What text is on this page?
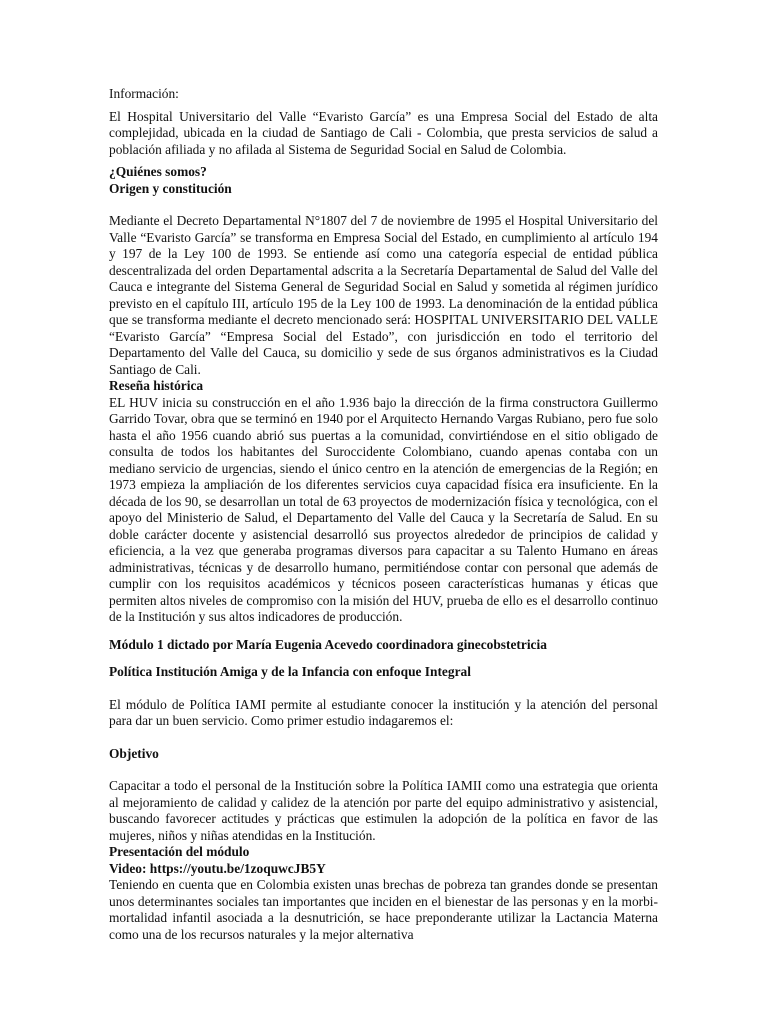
Información:

El Hospital Universitario del Valle “Evaristo García” es una Empresa Social del Estado de alta complejidad, ubicada en la ciudad de Santiago de Cali - Colombia, que presta servicios de salud a población afiliada y no afilada al Sistema de Seguridad Social en Salud de Colombia.

¿Quiénes somos?

Origen y constitución

Mediante el Decreto Departamental N°1807 del 7 de noviembre de 1995 el Hospital Universitario del Valle “Evaristo García” se transforma en Empresa Social del Estado, en cumplimiento al artículo 194 y 197 de la Ley 100 de 1993. Se entiende así como una categoría especial de entidad pública descentralizada del orden Departamental adscrita a la Secretaría Departamental de Salud del Valle del Cauca e integrante del Sistema General de Seguridad Social en Salud y sometida al régimen jurídico previsto en el capítulo III, artículo 195 de la Ley 100 de 1993. La denominación de la entidad pública que se transforma mediante el decreto mencionado será: HOSPITAL UNIVERSITARIO DEL VALLE “Evaristo García” “Empresa Social del Estado”, con jurisdicción en todo el territorio del Departamento del Valle del Cauca, su domicilio y sede de sus órganos administrativos es la Ciudad Santiago de Cali.

Reseña histórica

EL HUV inicia su construcción en el año 1.936 bajo la dirección de la firma constructora Guillermo Garrido Tovar, obra que se terminó en 1940 por el Arquitecto Hernando Vargas Rubiano, pero fue solo hasta el año 1956 cuando abrió sus puertas a la comunidad, convirtiéndose en el sitio obligado de consulta de todos los habitantes del Suroccidente Colombiano, cuando apenas contaba con un mediano servicio de urgencias, siendo el único centro en la atención de emergencias de la Región; en 1973 empieza la ampliación de los diferentes servicios cuya capacidad física era insuficiente. En la década de los 90, se desarrollan un total de 63 proyectos de modernización física y tecnológica, con el apoyo del Ministerio de Salud, el Departamento del Valle del Cauca y la Secretaría de Salud. En su doble carácter docente y asistencial desarrolló sus proyectos alrededor de principios de calidad y eficiencia, a la vez que generaba programas diversos para capacitar a su Talento Humano en áreas administrativas, técnicas y de desarrollo humano, permitiéndose contar con personal que además de cumplir con los requisitos académicos y técnicos poseen características humanas y éticas que permiten altos niveles de compromiso con la misión del HUV, prueba de ello es el desarrollo continuo de la Institución y sus altos indicadores de producción.

Módulo 1 dictado por María Eugenia Acevedo coordinadora ginecobstetricia

Política Institución Amiga y de la Infancia con enfoque Integral

El módulo de Política IAMI permite al estudiante conocer la institución y la atención del personal para dar un buen servicio. Como primer estudio indagaremos el:

Objetivo

Capacitar a todo el personal de la Institución sobre la Política IAMII como una estrategia que orienta al mejoramiento de calidad y calidez de la atención por parte del equipo administrativo y asistencial, buscando favorecer actitudes y prácticas que estimulen la adopción de la política en favor de las mujeres, niños y niñas atendidas en la Institución.

Presentación del módulo

Video: https://youtu.be/1zoquwcJB5Y

Teniendo en cuenta que en Colombia existen unas brechas de pobreza tan grandes donde se presentan unos determinantes sociales tan importantes que inciden en el bienestar de las personas y en la morbi-mortalidad infantil asociada a la desnutrición, se hace preponderante utilizar la Lactancia Materna como una de los recursos naturales y la mejor alternativa
